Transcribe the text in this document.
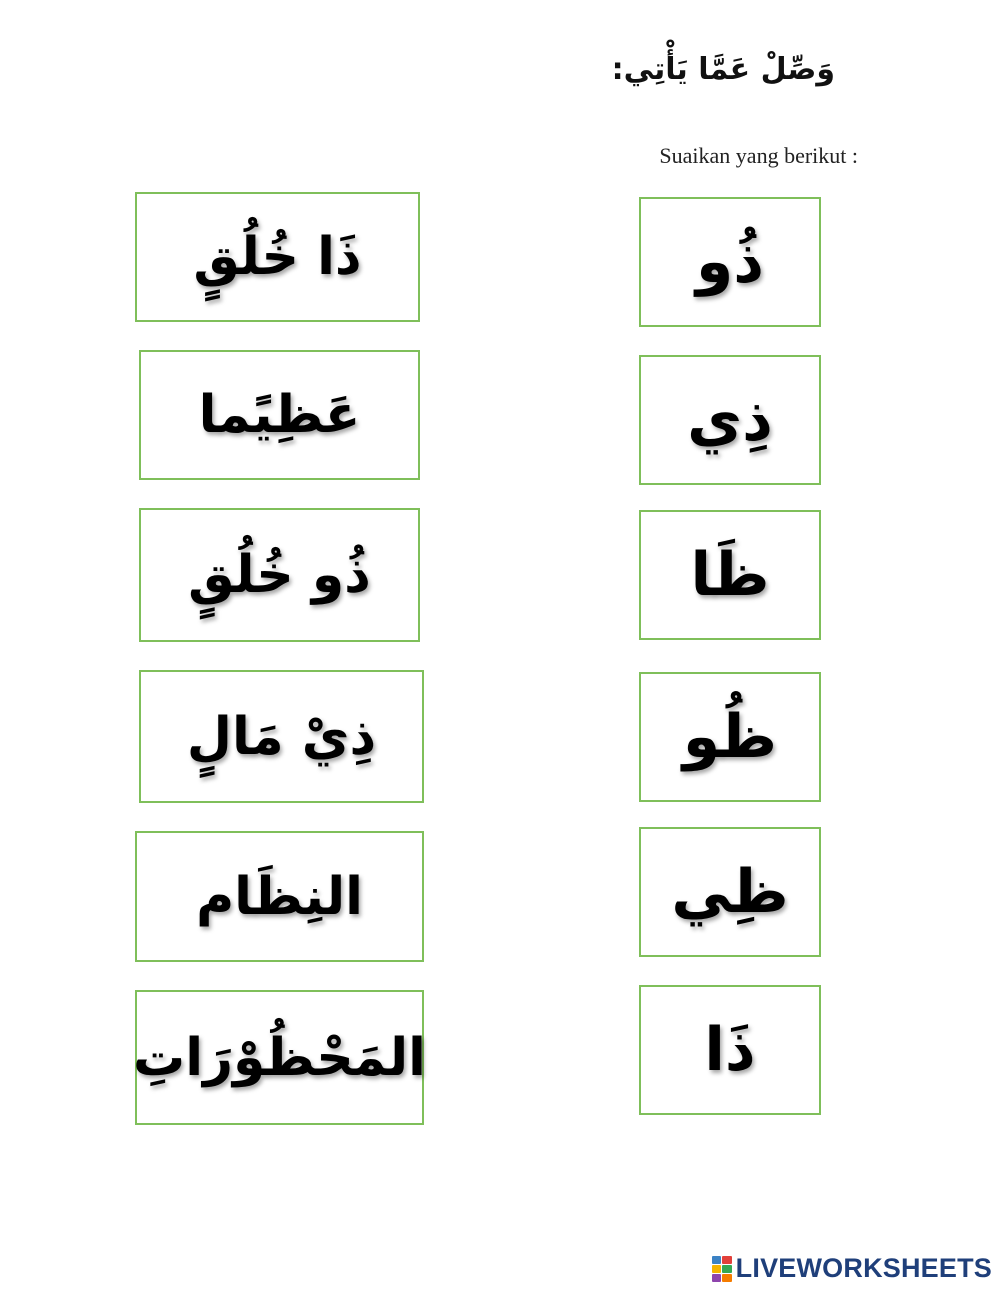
وَصِّلْ عَمَّا يَأْتِي:
Suaikan yang berikut :
ذَا خُلُقٍ
عَظِيًما
ذُو خُلُقٍ
ذِيْ مَالٍ
النِظَام
المَحْظُوْرَاتِ
ذُو
ذِي
ظَا
ظُو
ظِي
ذَا
LIVEWORKSHEETS
